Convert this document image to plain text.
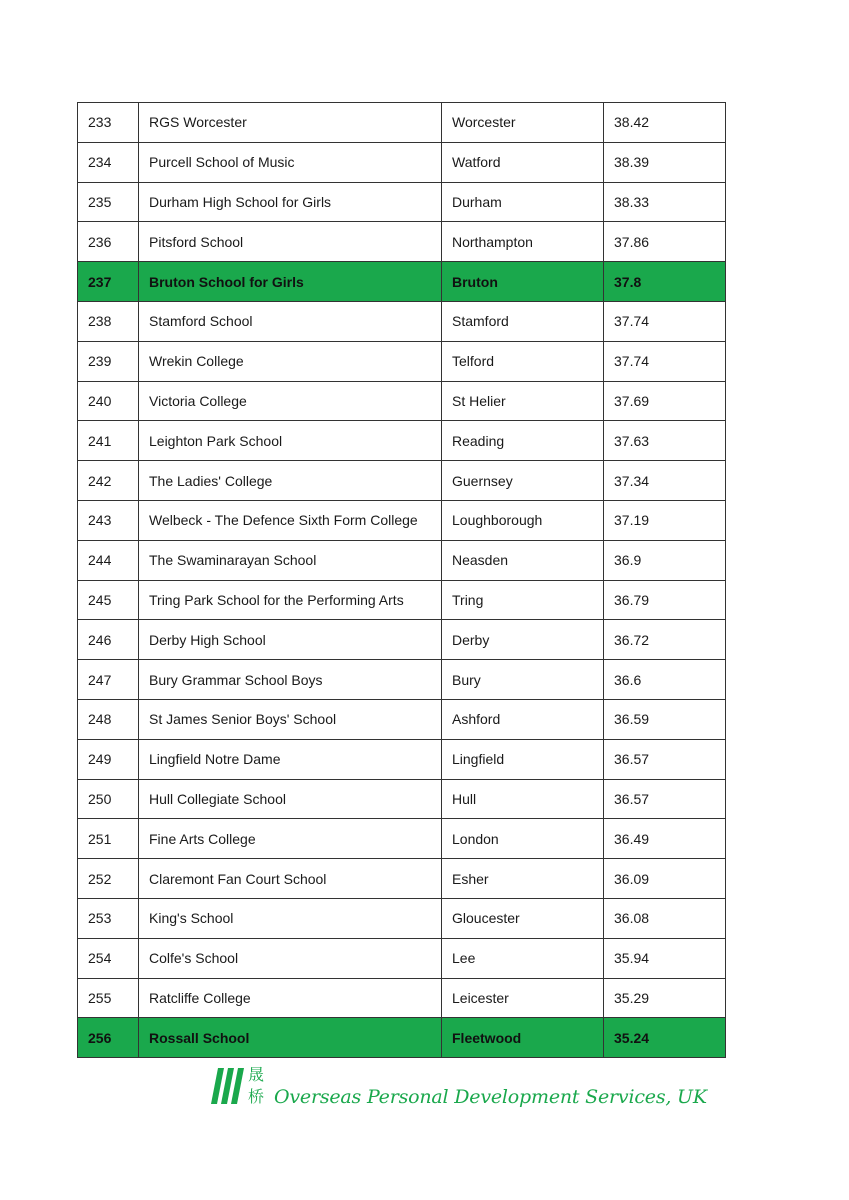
233	RGS Worcester	Worcester	38.42
234	Purcell School of Music	Watford	38.39
235	Durham High School for Girls	Durham	38.33
236	Pitsford School	Northampton	37.86
237	Bruton School for Girls	Bruton	37.8
238	Stamford School	Stamford	37.74
239	Wrekin College	Telford	37.74
240	Victoria College	St Helier	37.69
241	Leighton Park School	Reading	37.63
242	The Ladies' College	Guernsey	37.34
243	Welbeck - The Defence Sixth Form College	Loughborough	37.19
244	The Swaminarayan School	Neasden	36.9
245	Tring Park School for the Performing Arts	Tring	36.79
246	Derby High School	Derby	36.72
247	Bury Grammar School Boys	Bury	36.6
248	St James Senior Boys' School	Ashford	36.59
249	Lingfield Notre Dame	Lingfield	36.57
250	Hull Collegiate School	Hull	36.57
251	Fine Arts College	London	36.49
252	Claremont Fan Court School	Esher	36.09
253	King's School	Gloucester	36.08
254	Colfe's School	Lee	35.94
255	Ratcliffe College	Leicester	35.29
256	Rossall School	Fleetwood	35.24
晟
桥 Overseas Personal Development Services, UK
